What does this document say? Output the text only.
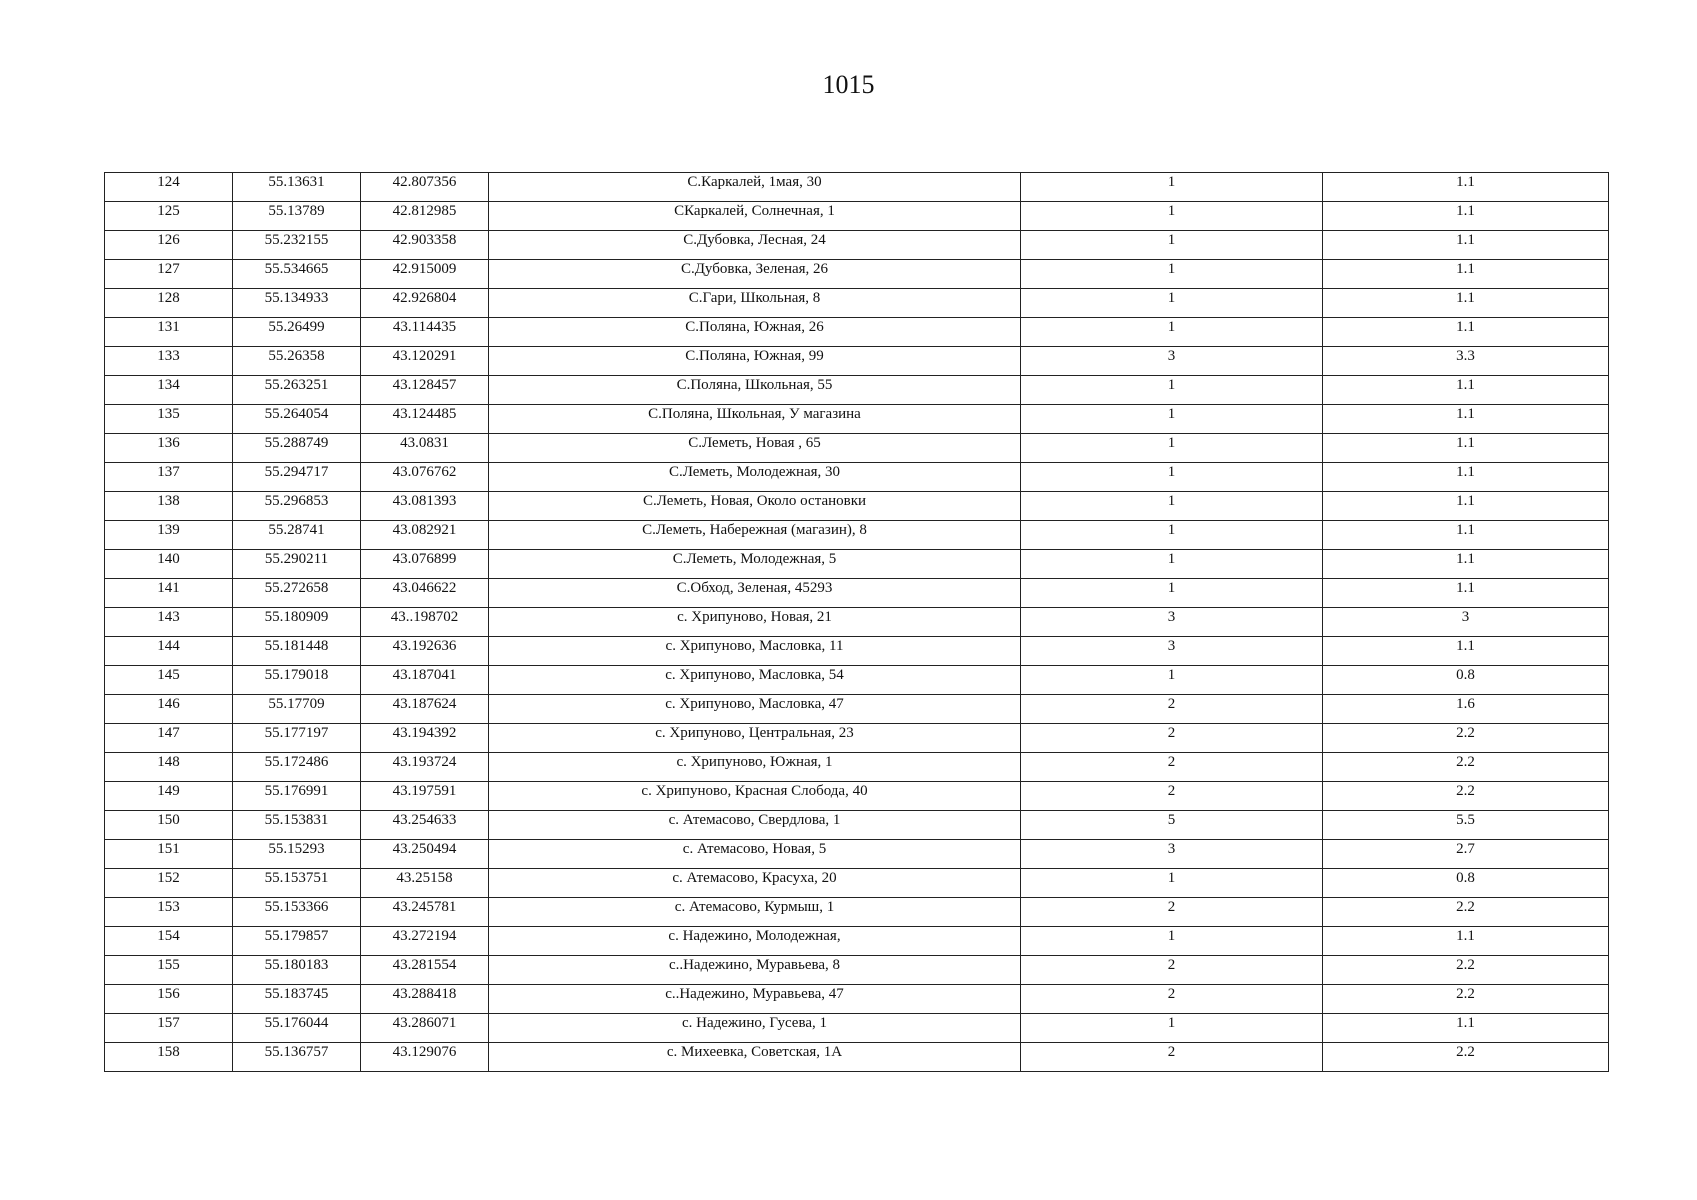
1015
124	55.13631	42.807356	С.Каркалей, 1мая, 30	1	1.1
125	55.13789	42.812985	СКаркалей, Солнечная, 1	1	1.1
126	55.232155	42.903358	С.Дубовка, Лесная, 24	1	1.1
127	55.534665	42.915009	С.Дубовка, Зеленая, 26	1	1.1
128	55.134933	42.926804	С.Гари, Школьная, 8	1	1.1
131	55.26499	43.114435	С.Поляна, Южная, 26	1	1.1
133	55.26358	43.120291	С.Поляна, Южная, 99	3	3.3
134	55.263251	43.128457	С.Поляна, Школьная, 55	1	1.1
135	55.264054	43.124485	С.Поляна, Школьная, У магазина	1	1.1
136	55.288749	43.0831	С.Леметь, Новая , 65	1	1.1
137	55.294717	43.076762	С.Леметь, Молодежная, 30	1	1.1
138	55.296853	43.081393	С.Леметь, Новая, Около остановки	1	1.1
139	55.28741	43.082921	С.Леметь, Набережная (магазин), 8	1	1.1
140	55.290211	43.076899	С.Леметь, Молодежная, 5	1	1.1
141	55.272658	43.046622	С.Обход, Зеленая, 45293	1	1.1
143	55.180909	43..198702	с. Хрипуново, Новая, 21	3	3
144	55.181448	43.192636	с. Хрипуново, Масловка, 11	3	1.1
145	55.179018	43.187041	с. Хрипуново, Масловка, 54	1	0.8
146	55.17709	43.187624	с. Хрипуново, Масловка, 47	2	1.6
147	55.177197	43.194392	с. Хрипуново, Центральная, 23	2	2.2
148	55.172486	43.193724	с. Хрипуново, Южная, 1	2	2.2
149	55.176991	43.197591	с. Хрипуново, Красная Слобода, 40	2	2.2
150	55.153831	43.254633	с. Атемасово, Свердлова, 1	5	5.5
151	55.15293	43.250494	с. Атемасово, Новая, 5	3	2.7
152	55.153751	43.25158	с. Атемасово, Красуха, 20	1	0.8
153	55.153366	43.245781	с. Атемасово, Курмыш, 1	2	2.2
154	55.179857	43.272194	с. Надежино, Молодежная,	1	1.1
155	55.180183	43.281554	с..Надежино, Муравьева, 8	2	2.2
156	55.183745	43.288418	с..Надежино, Муравьева, 47	2	2.2
157	55.176044	43.286071	с. Надежино, Гусева, 1	1	1.1
158	55.136757	43.129076	с. Михеевка, Советская, 1А	2	2.2
